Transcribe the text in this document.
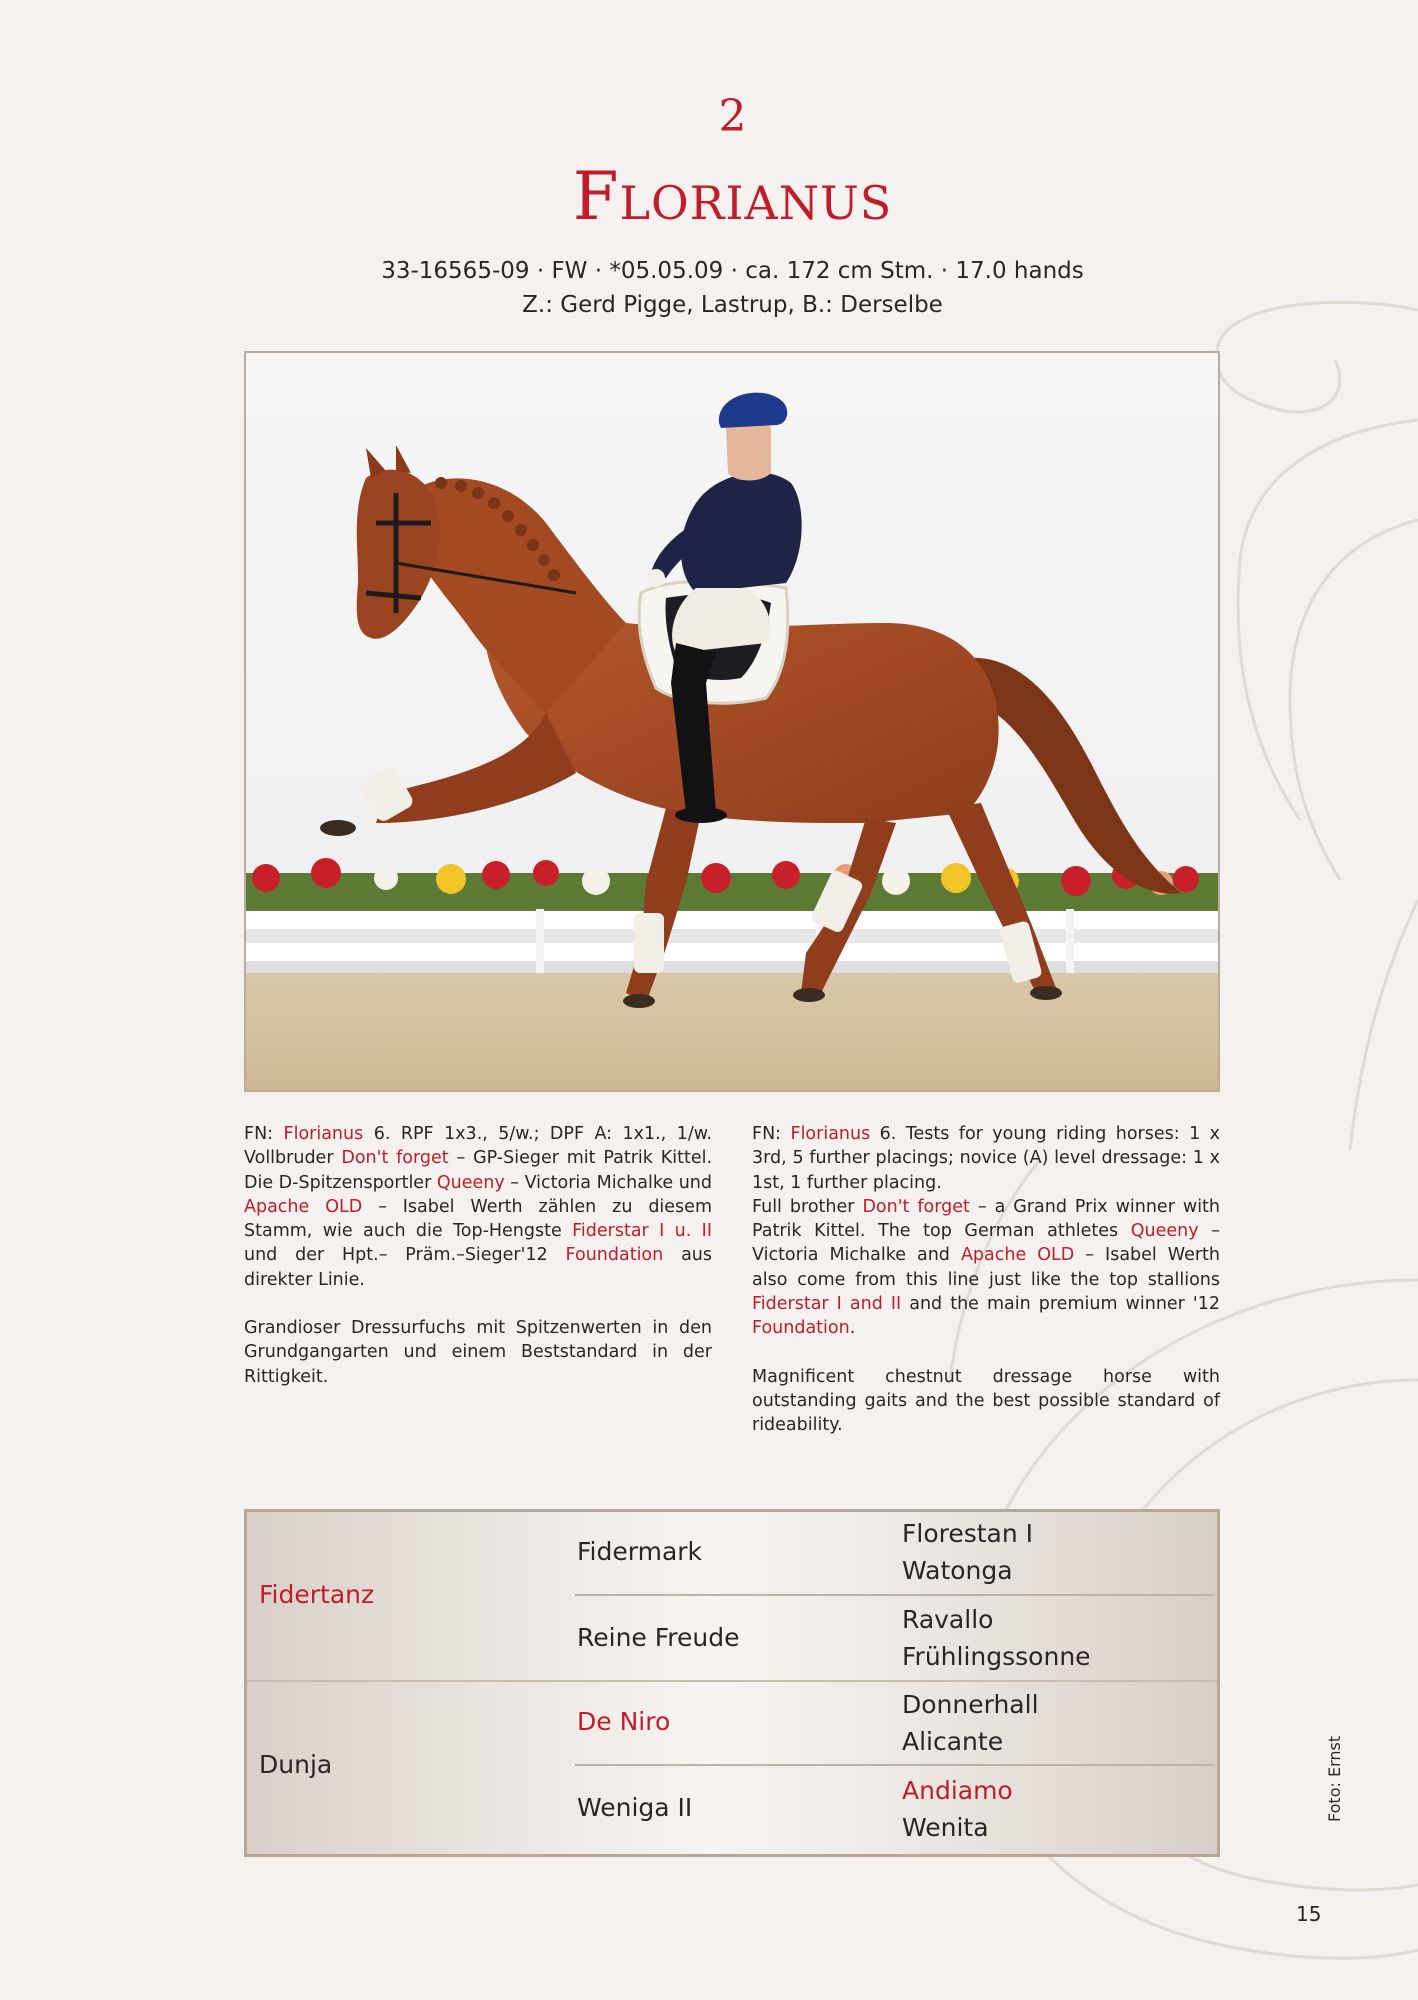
2
Florianus
33-16565-09 · FW · *05.05.09 · ca. 172 cm Stm. · 17.0 hands
Z.: Gerd Pigge, Lastrup, B.: Derselbe

FN: Florianus 6. RPF 1x3., 5/w.; DPF A: 1x1., 1/w. Vollbruder Don't forget – GP-Sieger mit Patrik Kittel. Die D-Spitzensportler Queeny – Victoria Michalke und Apache OLD – Isabel Werth zählen zu diesem Stamm, wie auch die Top-Hengste Fiderstar I u. II und der Hpt.– Präm.–Sieger'12 Foundation aus direkter Linie.

Grandioser Dressurfuchs mit Spitzenwerten in den Grundgangarten und einem Beststandard in der Rittigkeit.

FN: Florianus 6. Tests for young riding horses: 1 x 3rd, 5 further placings; novice (A) level dressage: 1 x 1st, 1 further placing.

Full brother Don't forget – a Grand Prix winner with Patrik Kittel. The top German athletes Queeny – Victoria Michalke and Apache OLD – Isabel Werth also come from this line just like the top stallions Fiderstar I and II and the main premium winner '12 Foundation.

Magnificent chestnut dressage horse with outstanding gaits and the best possible standard of rideability.

Fidertanz
Dunja
Fidermark
Reine Freude
De Niro
Weniga II
Florestan I
Watonga
Ravallo
Frühlingssonne
Donnerhall
Alicante
Andiamo
Wenita
Foto: Ernst
15
